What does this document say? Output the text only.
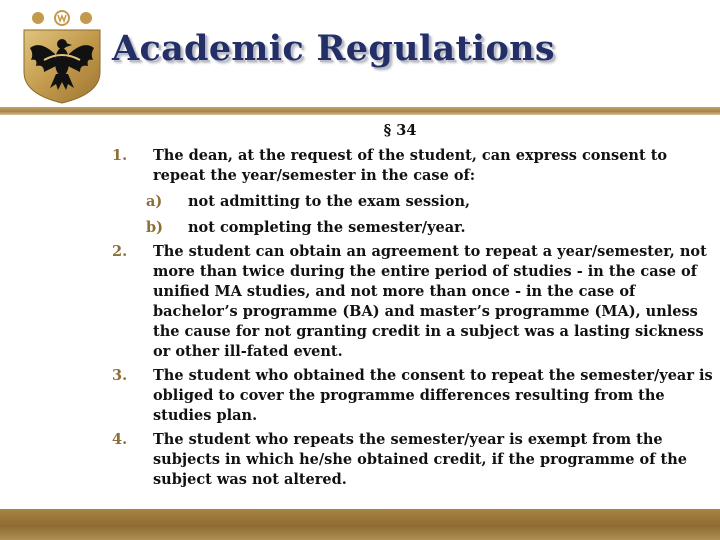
Academic Regulations
§ 34
1.	The dean, at the request of the student, can express consent to repeat the year/semester in the case of:
a)	not admitting to the exam session,
b)	not completing the semester/year.
2.	The student can obtain an agreement to repeat a year/semester, not more than twice during the entire period of studies - in the case of unified MA studies, and not more than once - in the case of bachelor’s programme (BA) and master’s programme (MA), unless the cause for not granting credit in a subject was a lasting sickness or other ill-fated event.
3.	The student who obtained the consent to repeat the semester/year is obliged to cover the programme differences resulting from the studies plan.
4.	The student who repeats the semester/year is exempt from the subjects in which he/she obtained credit, if the programme of the subject was not altered.
